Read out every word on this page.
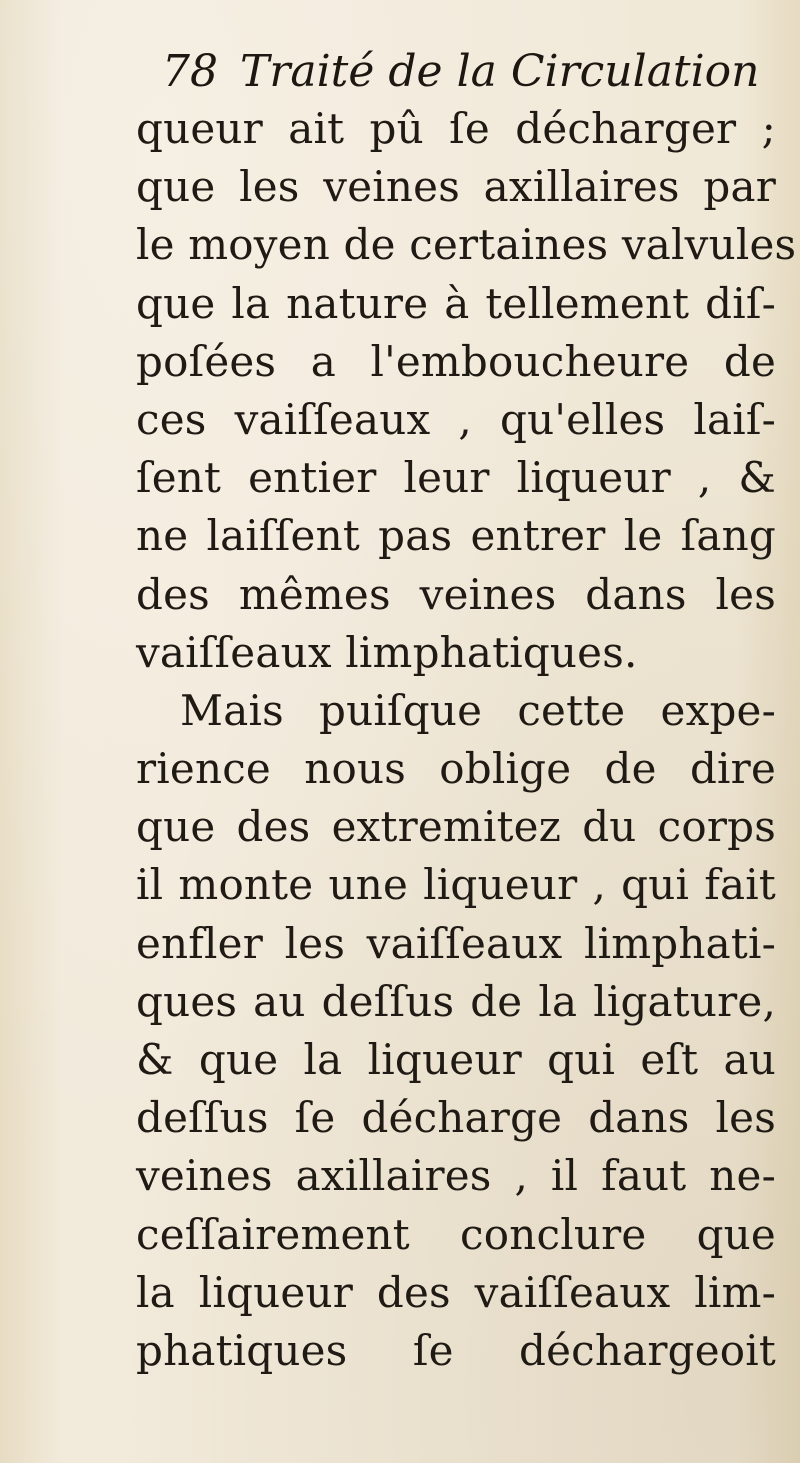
78 Traité de la Circulation
queur ait pû ſe décharger ;
que les veines axillaires par
le moyen de certaines valvules
que la nature à tellement diſ-
poſées a l'emboucheure de
ces vaiſſeaux , qu'elles laiſ-
ſent entier leur liqueur , &
ne laiſſent pas entrer le ſang
des mêmes veines dans les
vaiſſeaux limphatiques.
Mais puiſque cette expe-
rience nous oblige de dire
que des extremitez du corps
il monte une liqueur , qui fait
enfler les vaiſſeaux limphati-
ques au deſſus de la ligature,
& que la liqueur qui eſt au
deſſus ſe décharge dans les
veines axillaires , il faut ne-
ceſſairement conclure que
la liqueur des vaiſſeaux lim-
phatiques ſe déchargeoit
